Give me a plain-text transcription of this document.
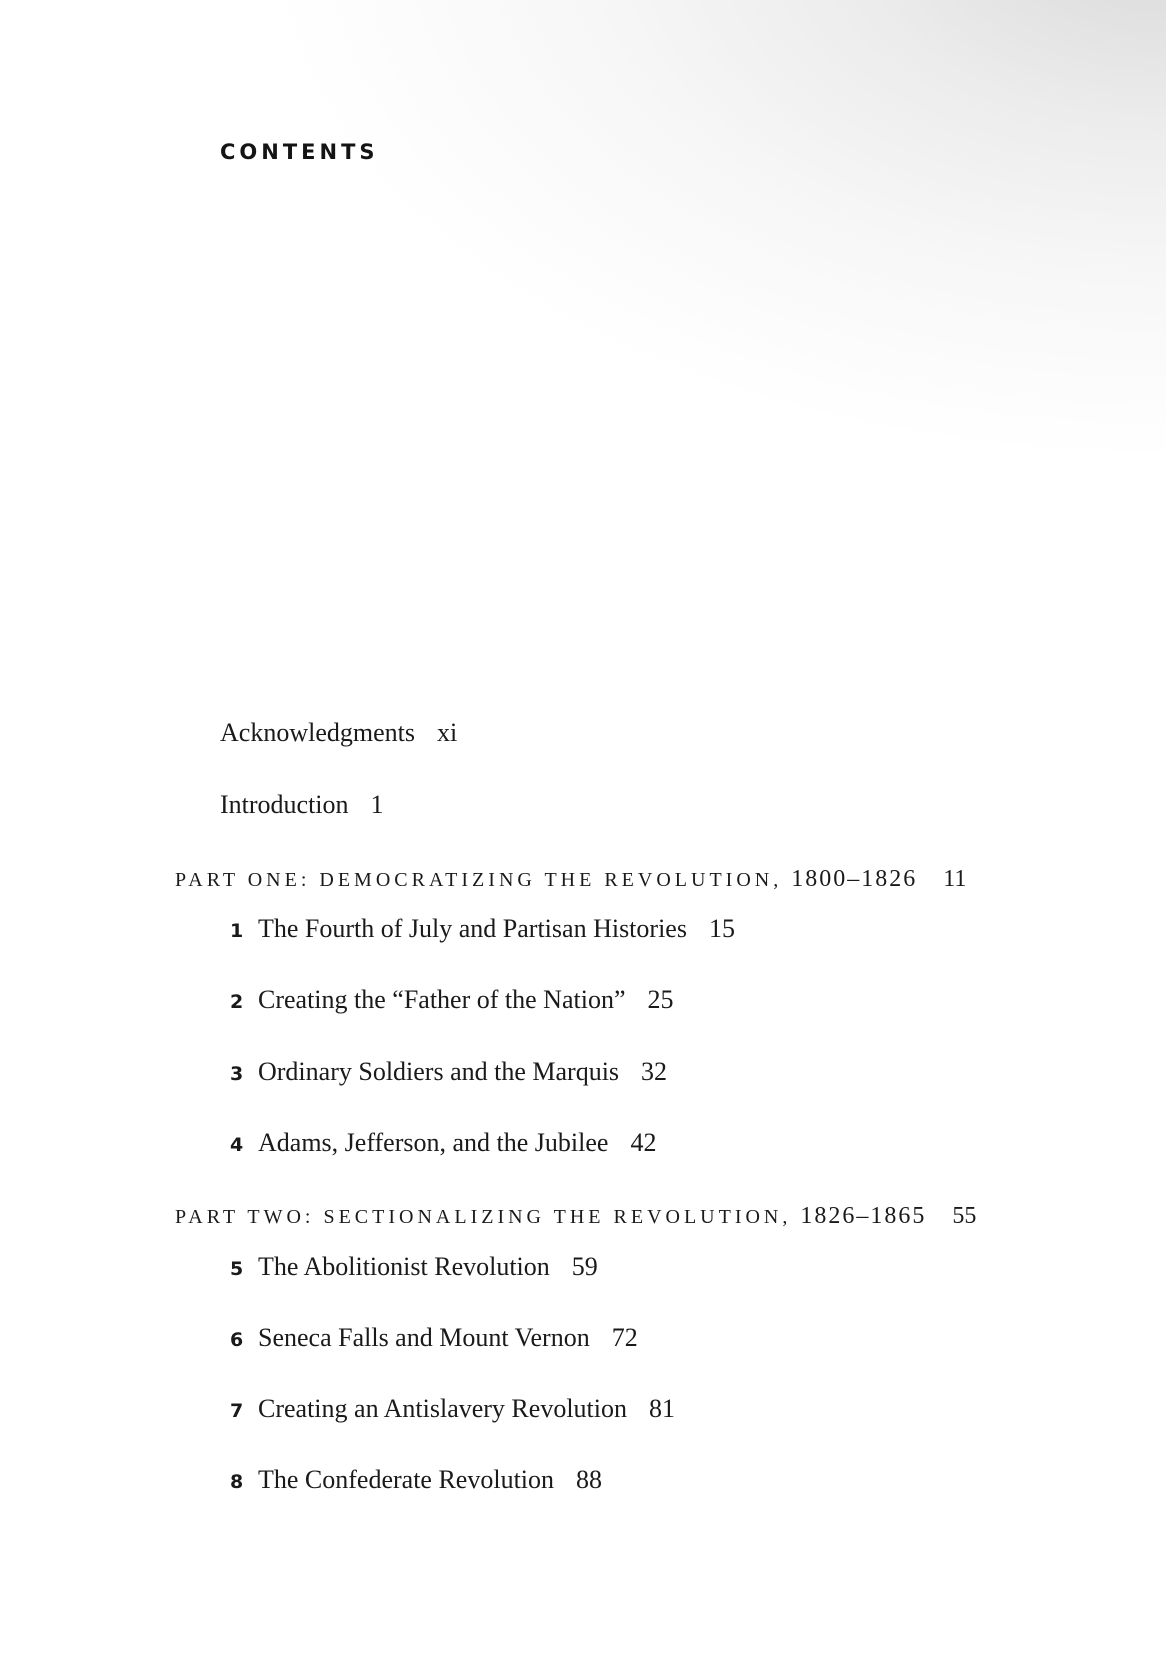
CONTENTS
Acknowledgments xi
Introduction 1
PART ONE: DEMOCRATIZING THE REVOLUTION, 1800–1826 11
1 The Fourth of July and Partisan Histories 15
2 Creating the “Father of the Nation” 25
3 Ordinary Soldiers and the Marquis 32
4 Adams, Jefferson, and the Jubilee 42
PART TWO: SECTIONALIZING THE REVOLUTION, 1826–1865 55
5 The Abolitionist Revolution 59
6 Seneca Falls and Mount Vernon 72
7 Creating an Antislavery Revolution 81
8 The Confederate Revolution 88
